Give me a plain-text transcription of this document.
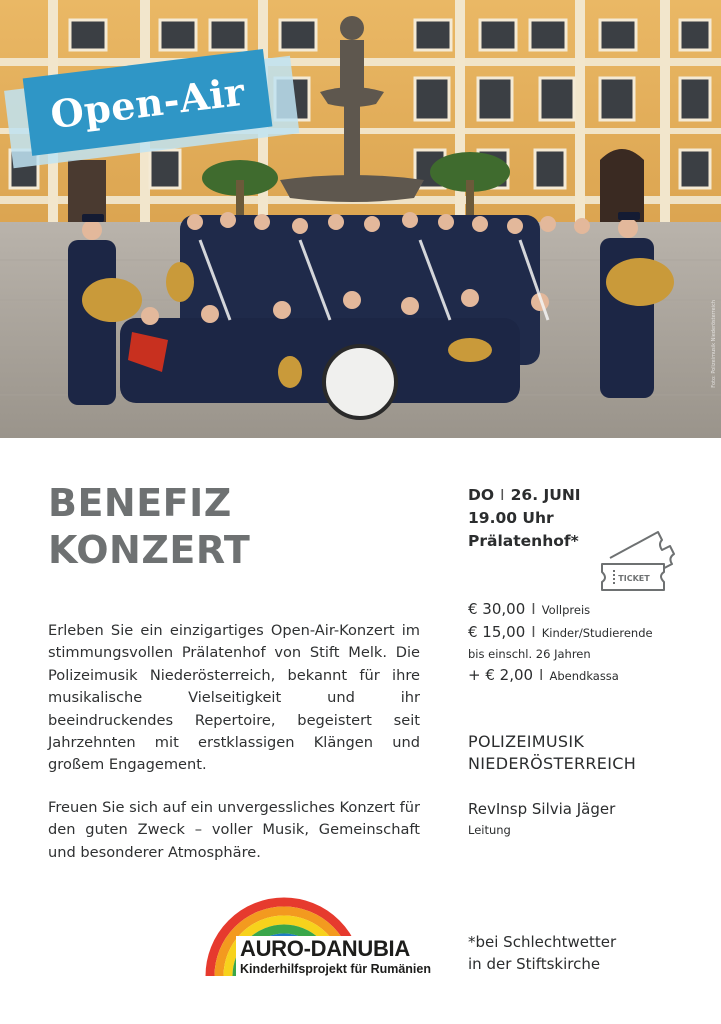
Foto: Polizeimusik Niederösterreich
Open-Air
BENEFIZ
KONZERT

Erleben Sie ein einzigartiges Open-Air-Konzert im stimmungsvollen Prälatenhof von Stift Melk. Die Polizeimusik Niederösterreich, bekannt für ihre musikalische Vielseitigkeit und ihr beeindruckendes Repertoire, begeistert seit Jahrzehnten mit erstklassigen Klängen und großem Engagement.

Freuen Sie sich auf ein unvergessliches Konzert für den guten Zweck – voller Musik, Gemeinschaft und besonderer Atmosphäre.

DO I 26. JUNI
19.00 Uhr
Prälatenhof*
TICKET
€ 30,00 I Vollpreis
€ 15,00 I Kinder/Studierende
bis einschl. 26 Jahren
+ € 2,00 I Abendkassa
POLIZEIMUSIK
NIEDERÖSTERREICH
RevInsp Silvia Jäger
Leitung
AURO-DANUBIA
Kinderhilfsprojekt für Rumänien
*bei Schlechtwetter
in der Stiftskirche
